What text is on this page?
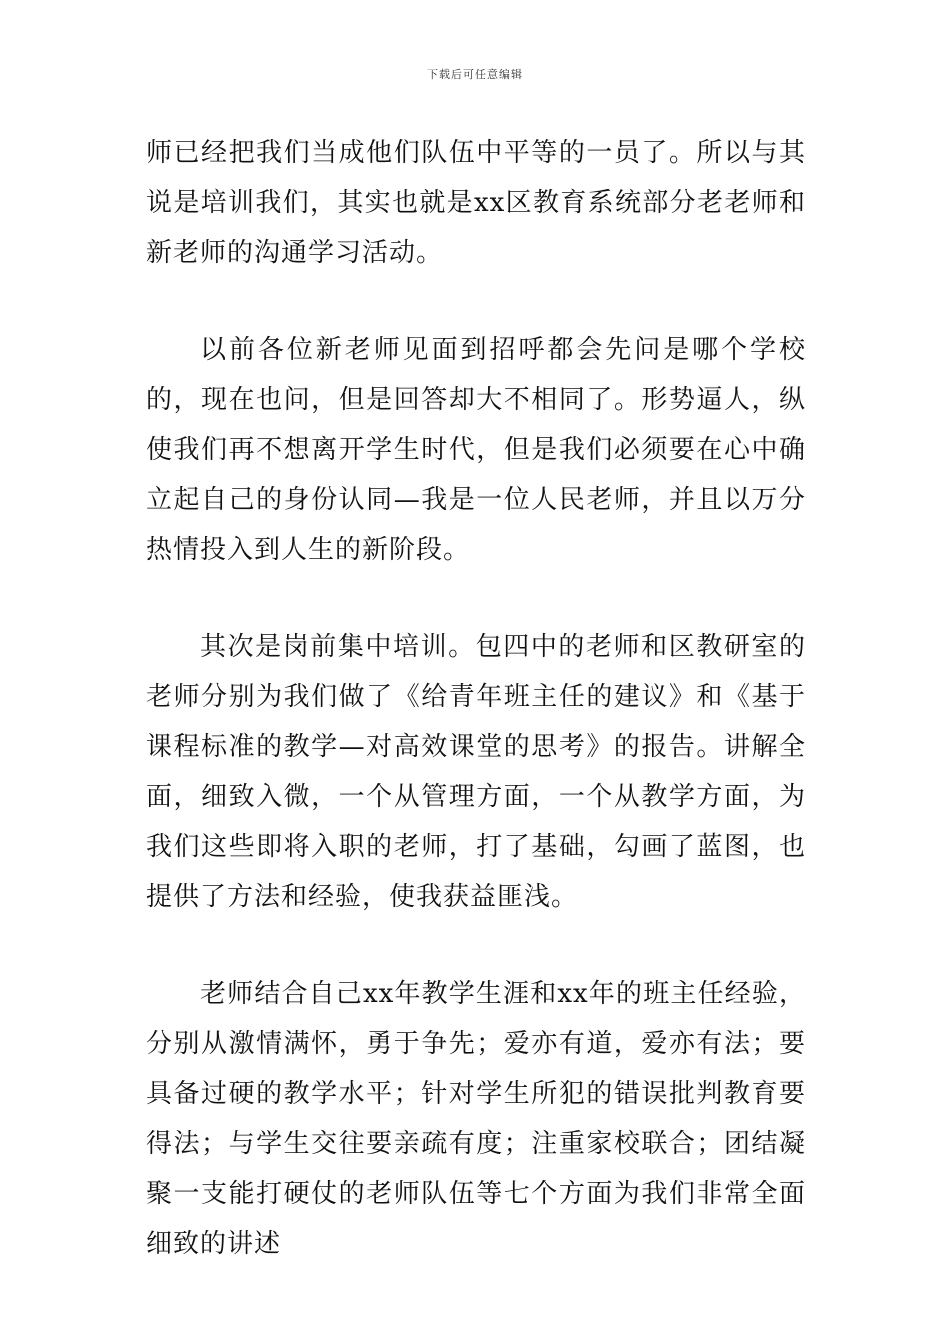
下载后可任意编辑

师已经把我们当成他们队伍中平等的一员了。所以与其说是培训我们，其实也就是xx区教育系统部分老老师和新老师的沟通学习活动。

以前各位新老师见面到招呼都会先问是哪个学校的，现在也问，但是回答却大不相同了。形势逼人，纵使我们再不想离开学生时代，但是我们必须要在心中确立起自己的身份认同—我是一位人民老师，并且以万分热情投入到人生的新阶段。

其次是岗前集中培训。包四中的老师和区教研室的老师分别为我们做了《给青年班主任的建议》和《基于课程标准的教学—对高效课堂的思考》的报告。讲解全面，细致入微，一个从管理方面，一个从教学方面，为我们这些即将入职的老师，打了基础，勾画了蓝图，也提供了方法和经验，使我获益匪浅。

老师结合自己xx年教学生涯和xx年的班主任经验，分别从激情满怀，勇于争先；爱亦有道，爱亦有法；要具备过硬的教学水平；针对学生所犯的错误批判教育要得法；与学生交往要亲疏有度；注重家校联合；团结凝聚一支能打硬仗的老师队伍等七个方面为我们非常全面细致的讲述
